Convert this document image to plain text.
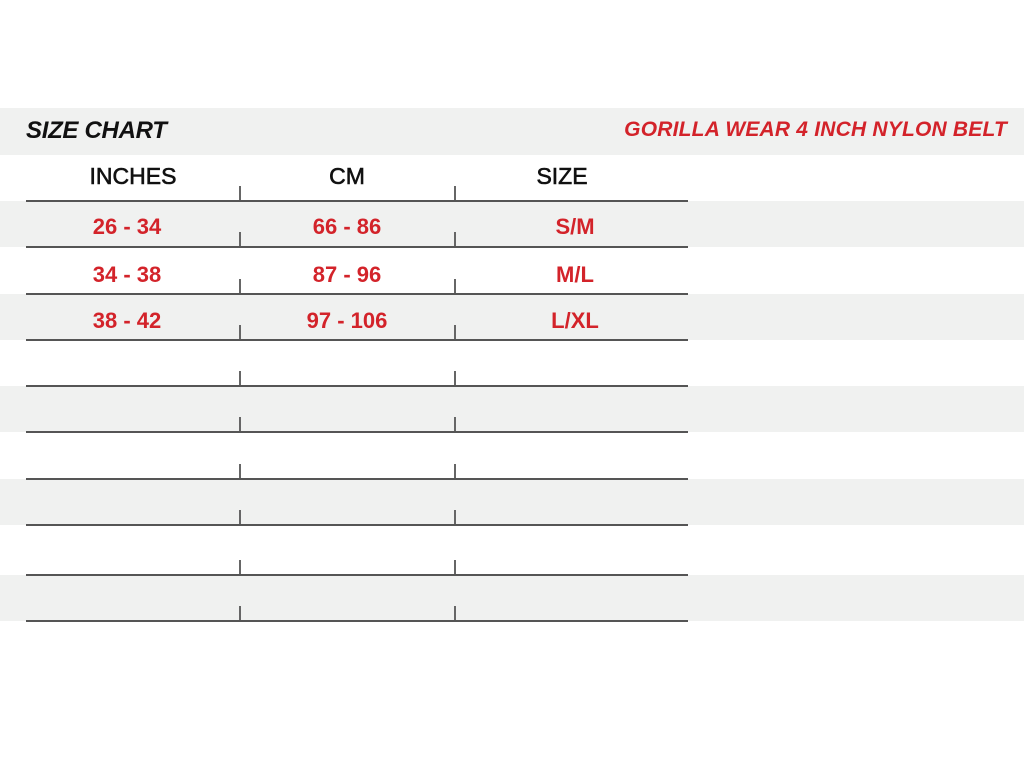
SIZE CHART	GORILLA WEAR 4 INCH NYLON BELT
INCHES	CM	SIZE
26 - 34	66 - 86	S/M
34 - 38	87 - 96	M/L
38 - 42	97 - 106	L/XL
